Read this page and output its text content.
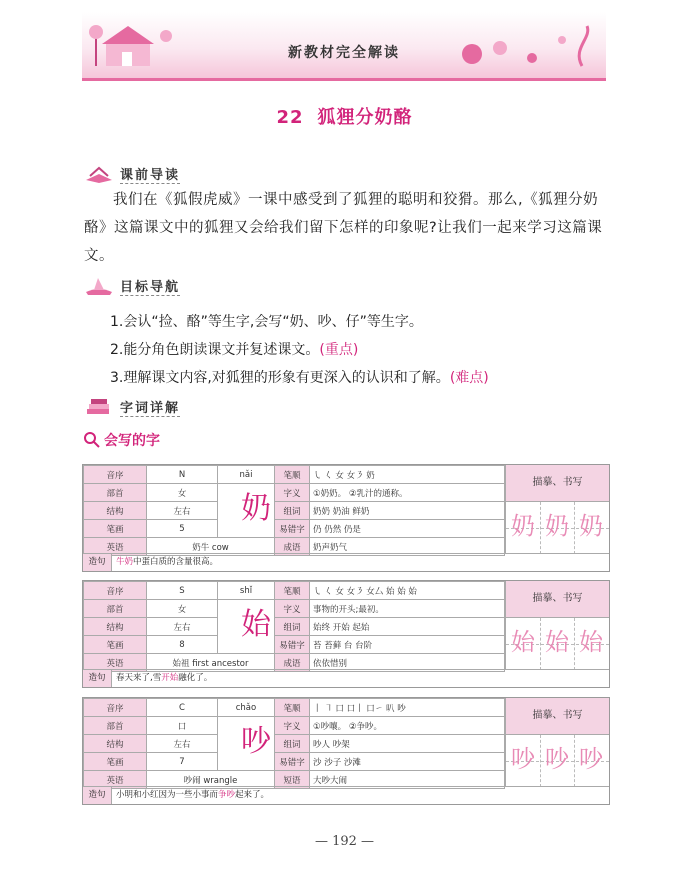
新教材完全解读
22 狐狸分奶酪
课前导读
我们在《狐假虎威》一课中感受到了狐狸的聪明和狡猾。那么,《狐狸分奶酪》这篇课文中的狐狸又会给我们留下怎样的印象呢?让我们一起来学习这篇课文。
目标导航
1.会认“捡、酪”等生字,会写“奶、吵、仔”等生字。
2.能分角色朗读课文并复述课文。(重点)
3.理解课文内容,对狐狸的形象有更深入的认识和了解。(难点)
字词详解
会写的字
音序	N	nǎi	笔顺	㇂ 𡿨 女 女㇋ 奶
部首	女		字义	①奶奶。 ②乳汁的通称。
结构	左右		组词	奶奶 奶油 鲜奶
笔画	5		易错字	仍 仍然 仍是
英语	奶牛 cow		成语	奶声奶气
奶
描摹、书写
奶 奶 奶
造句 牛奶中蛋白质的含量很高。
音序	S	shǐ	笔顺	㇂ 𡿨 女 女㇋ 女厶 始 始 始
部首	女		字义	事物的开头;最初。
结构	左右		组词	始终 开始 起始
笔画	8		易错字	苔 苔藓 台 台阶
英语	始祖 first ancestor		成语	依依惜别
始
描摹、书写
始 始 始
造句 春天来了,雪开始融化了。
音序	C	chǎo	笔顺	丨 ㇕ 口 口丨 口㇀ 叭 吵
部首	口		字义	①吵嚷。 ②争吵。
结构	左右		组词	吵人 吵架
笔画	7		易错字	沙 沙子 沙滩
英语	吵闹 wrangle		短语	大吵大闹
吵
描摹、书写
吵 吵 吵
造句 小明和小红因为一些小事而争吵起来了。
— 192 —
